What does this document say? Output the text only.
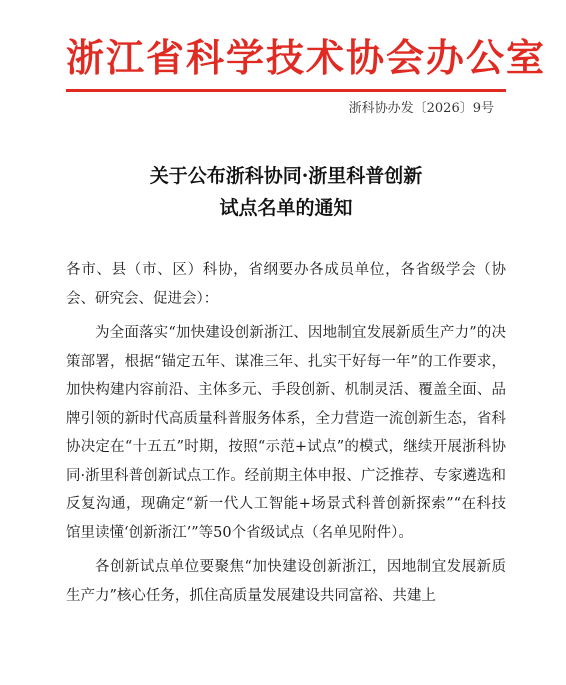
浙江省科学技术协会办公室
浙科协办发〔2026〕9号
关于公布浙科协同·浙里科普创新
试点名单的通知

各市、县（市、区）科协，省纲要办各成员单位，各省级学会（协会、研究会、促进会）：

为全面落实“加快建设创新浙江、因地制宜发展新质生产力”的决策部署，根据“锚定五年、谋准三年、扎实干好每一年”的工作要求，加快构建内容前沿、主体多元、手段创新、机制灵活、覆盖全面、品牌引领的新时代高质量科普服务体系，全力营造一流创新生态，省科协决定在“十五五”时期，按照“示范+试点”的模式，继续开展浙科协同·浙里科普创新试点工作。经前期主体申报、广泛推荐、专家遴选和反复沟通，现确定“新一代人工智能+场景式科普创新探索”“在科技馆里读懂‘创新浙江’”等50个省级试点（名单见附件）。

各创新试点单位要聚焦“加快建设创新浙江，因地制宜发展新质生产力”核心任务，抓住高质量发展建设共同富裕、共建上
